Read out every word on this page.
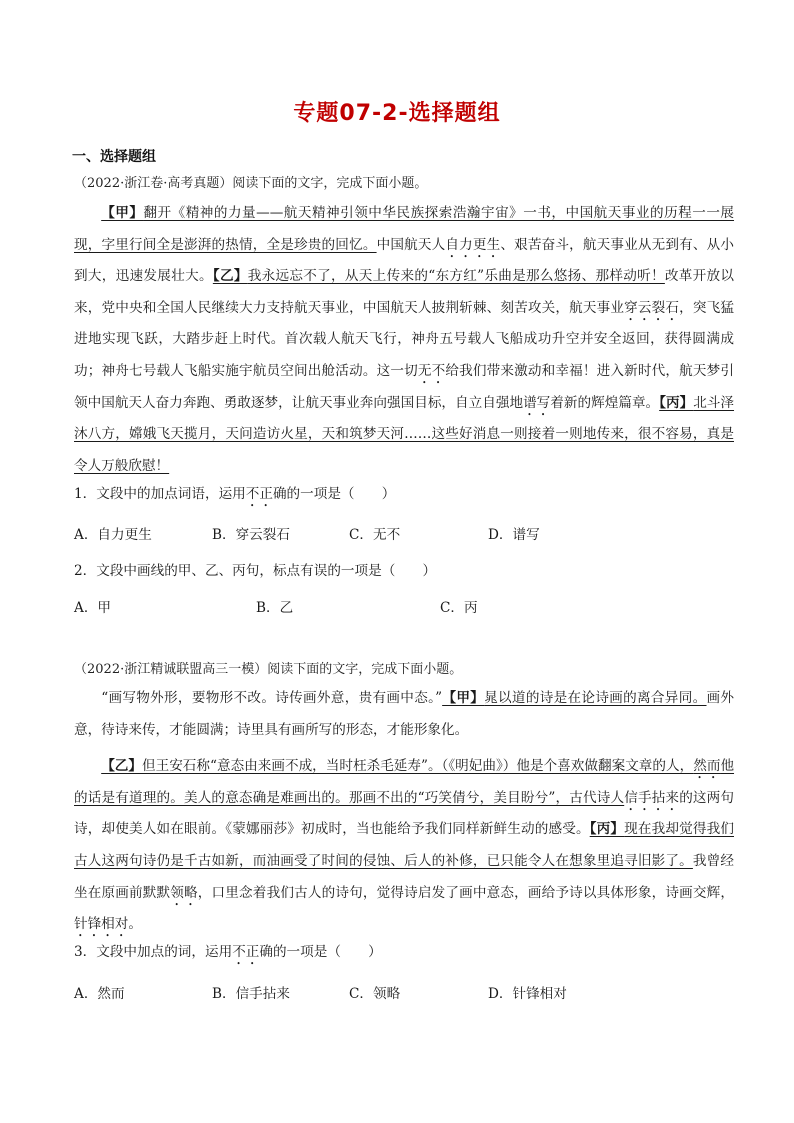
专题07-2-选择题组
一、选择题组
（2022·浙江卷·高考真题）阅读下面的文字，完成下面小题。

【甲】翻开《精神的力量——航天精神引领中华民族探索浩瀚宇宙》一书，中国航天事业的历程一一展现，字里行间全是澎湃的热情，全是珍贵的回忆。中国航天人自力更生、艰苦奋斗，航天事业从无到有、从小到大，迅速发展壮大。【乙】我永远忘不了，从天上传来的“东方红”乐曲是那么悠扬、那样动听！改革开放以来，党中央和全国人民继续大力支持航天事业，中国航天人披荆斩棘、刻苦攻关，航天事业穿云裂石，突飞猛进地实现飞跃，大踏步赶上时代。首次载人航天飞行，神舟五号载人飞船成功升空并安全返回，获得圆满成功；神舟七号载人飞船实施宇航员空间出舱活动。这一切无不给我们带来激动和幸福！进入新时代，航天梦引领中国航天人奋力奔跑、勇敢逐梦，让航天事业奔向强国目标，自立自强地谱写着新的辉煌篇章。【丙】北斗泽沐八方，嫦娥飞天揽月，天问造访火星，天和筑梦天河……这些好消息一则接着一则地传来，很不容易，真是令人万般欣慰！

1．文段中的加点词语，运用不正确的一项是（　　）
A．自力更生	B．穿云裂石	C．无不	D．谱写
2．文段中画线的甲、乙、丙句，标点有误的一项是（　　）
A．甲	B．乙	C．丙
（2022·浙江精诚联盟高三一模）阅读下面的文字，完成下面小题。

“画写物外形，要物形不改。诗传画外意，贵有画中态。”【甲】晁以道的诗是在论诗画的离合异同。画外意，待诗来传，才能圆满；诗里具有画所写的形态，才能形象化。

【乙】但王安石称“意态由来画不成，当时枉杀毛延寿”。（《明妃曲》）他是个喜欢做翻案文章的人，然而他的话是有道理的。美人的意态确是难画出的。那画不出的“巧笑倩兮，美目盼兮”，古代诗人信手拈来的这两句诗，却使美人如在眼前。《蒙娜丽莎》初成时，当也能给予我们同样新鲜生动的感受。【丙】现在我却觉得我们古人这两句诗仍是千古如新，而油画受了时间的侵蚀、后人的补修，已只能令人在想象里追寻旧影了。我曾经坐在原画前默默领略，口里念着我们古人的诗句，觉得诗启发了画中意态，画给予诗以具体形象，诗画交辉，针锋相对。

3．文段中加点的词，运用不正确的一项是（　　）
A．然而	B．信手拈来	C．领略	D．针锋相对
